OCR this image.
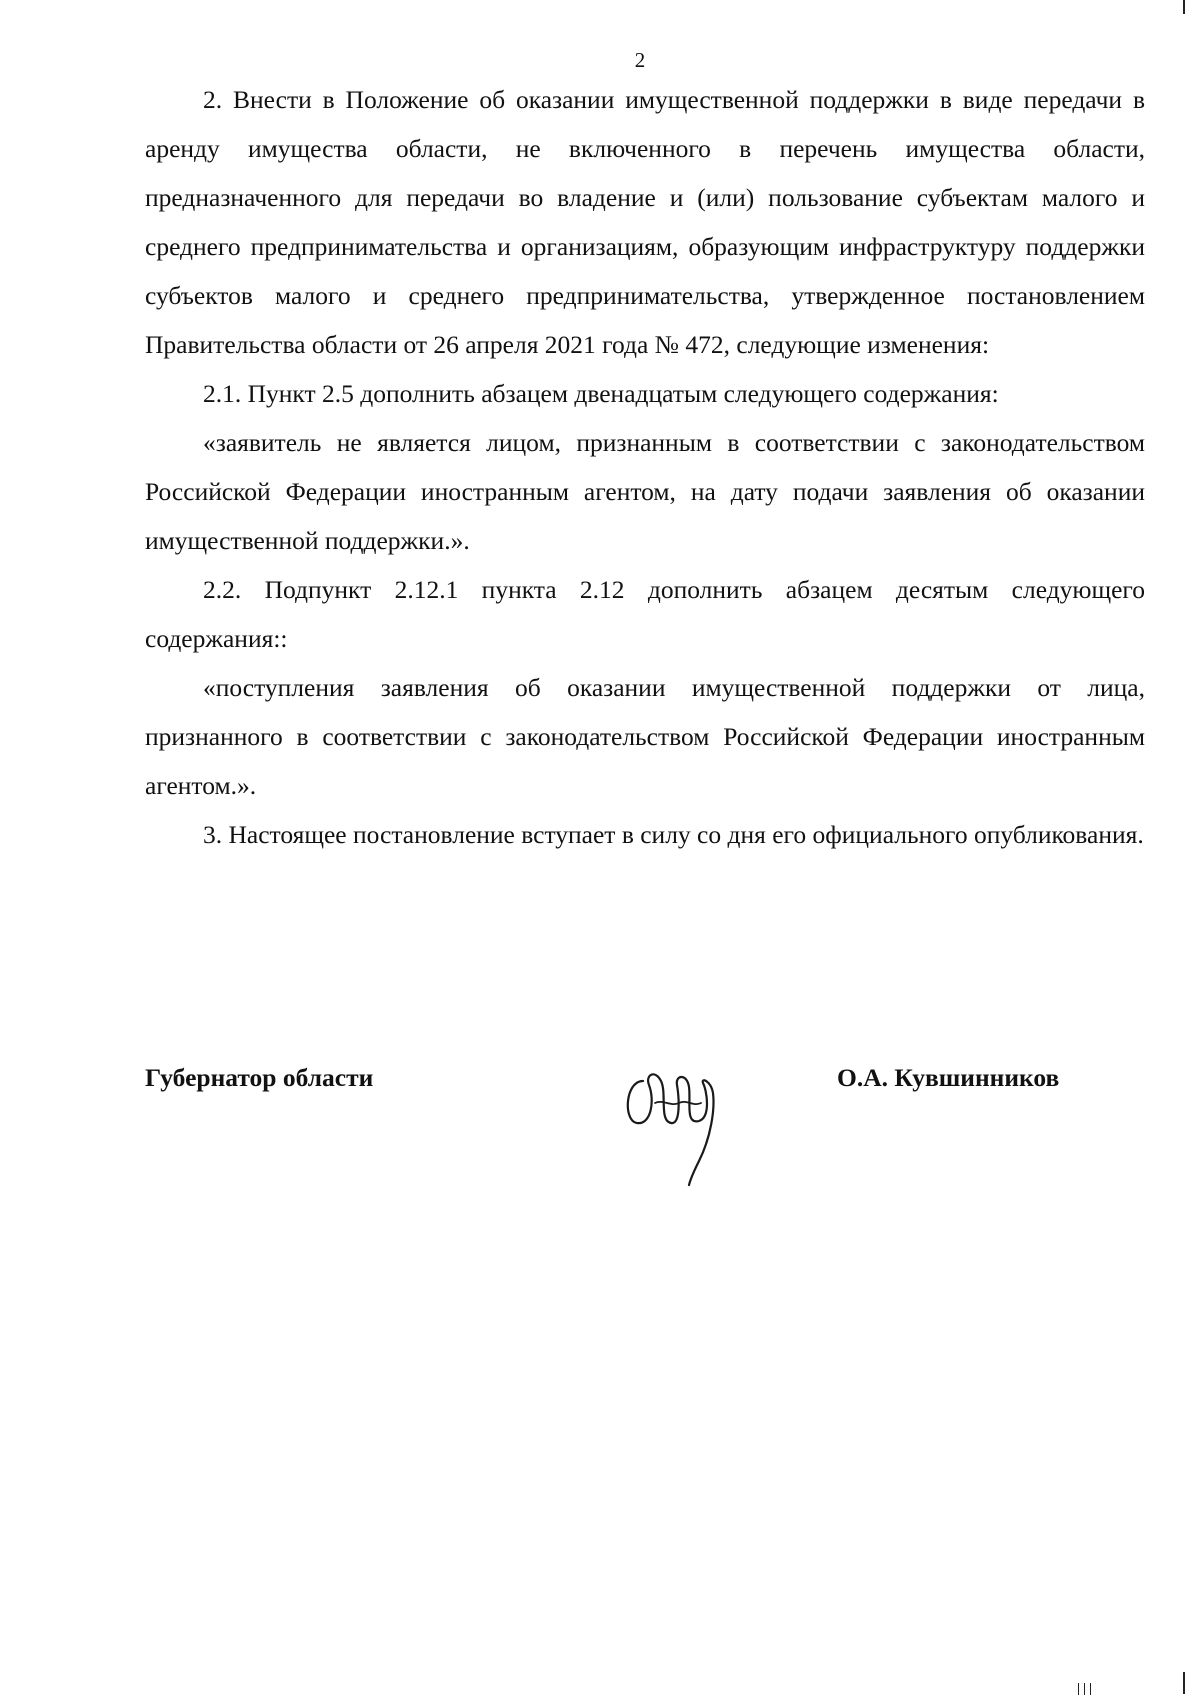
2

2. Внести в Положение об оказании имущественной поддержки в виде передачи в аренду имущества области, не включенного в перечень имущества области, предназначенного для передачи во владение и (или) пользование субъектам малого и среднего предпринимательства и организациям, образующим инфраструктуру поддержки субъектов малого и среднего предпринимательства, утвержденное постановлением Правительства области от 26 апреля 2021 года № 472, следующие изменения:

2.1. Пункт 2.5 дополнить абзацем двенадцатым следующего содержания:

«заявитель не является лицом, признанным в соответствии с законодательством Российской Федерации иностранным агентом, на дату подачи заявления об оказании имущественной поддержки.».

2.2. Подпункт 2.12.1 пункта 2.12 дополнить абзацем десятым следующего содержания::

«поступления заявления об оказании имущественной поддержки от лица, признанного в соответствии с законодательством Российской Федерации иностранным агентом.».

3. Настоящее постановление вступает в силу со дня его официального опубликования.

Губернатор области	О.А. Кувшинников
